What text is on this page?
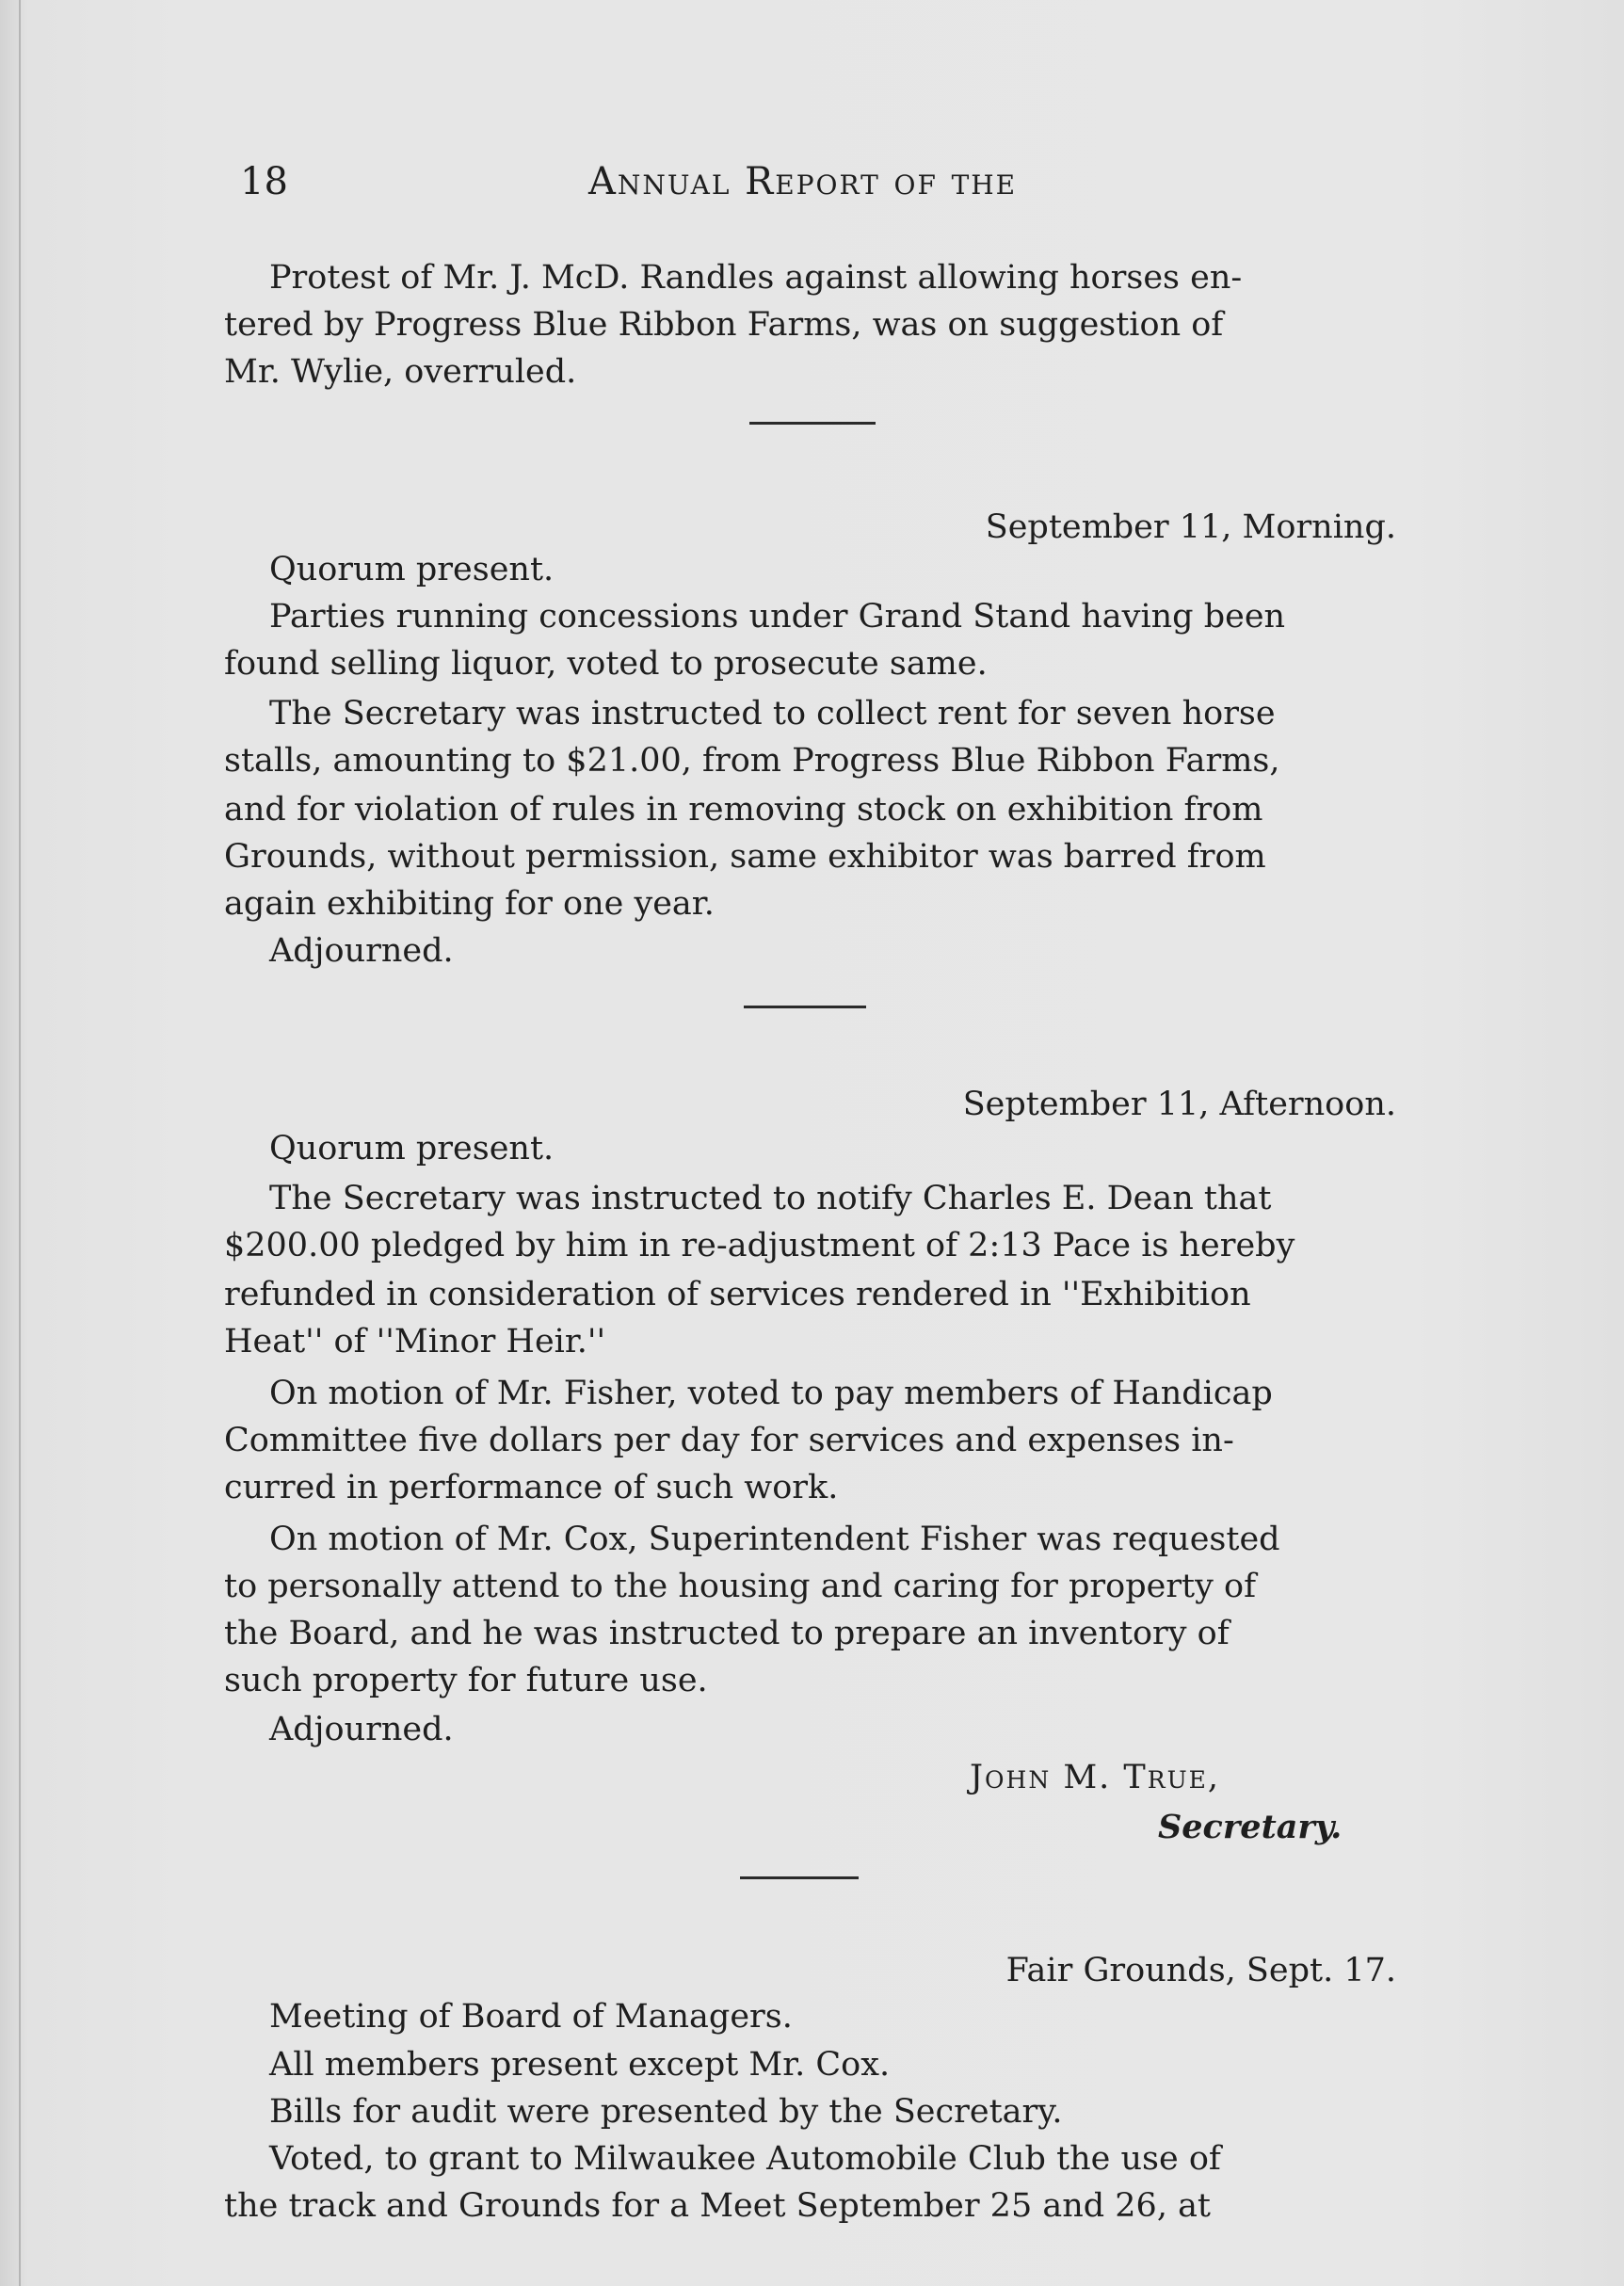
18	Annual Report of the
Protest of Mr. J. McD. Randles against allowing horses en-
tered by Progress Blue Ribbon Farms, was on suggestion of
Mr. Wylie, overruled.
September 11, Morning.
Quorum present.
Parties running concessions under Grand Stand having been
found selling liquor, voted to prosecute same.
The Secretary was instructed to collect rent for seven horse
stalls, amounting to $21.00, from Progress Blue Ribbon Farms,
and for violation of rules in removing stock on exhibition from
Grounds, without permission, same exhibitor was barred from
again exhibiting for one year.
Adjourned.
September 11, Afternoon.
Quorum present.
The Secretary was instructed to notify Charles E. Dean that
$200.00 pledged by him in re-adjustment of 2:13 Pace is hereby
refunded in consideration of services rendered in ''Exhibition
Heat'' of ''Minor Heir.''
On motion of Mr. Fisher, voted to pay members of Handicap
Committee five dollars per day for services and expenses in-
curred in performance of such work.
On motion of Mr. Cox, Superintendent Fisher was requested
to personally attend to the housing and caring for property of
the Board, and he was instructed to prepare an inventory of
such property for future use.
Adjourned.
John M. True,
Secretary.
Fair Grounds, Sept. 17.
Meeting of Board of Managers.
All members present except Mr. Cox.
Bills for audit were presented by the Secretary.
Voted, to grant to Milwaukee Automobile Club the use of
the track and Grounds for a Meet September 25 and 26, at
